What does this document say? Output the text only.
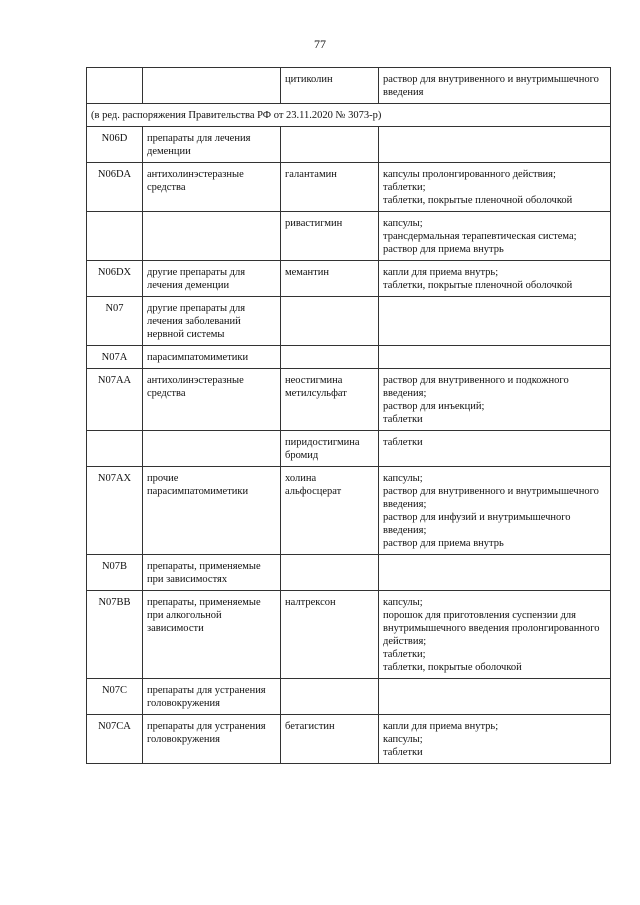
77
		цитиколин	раствор для внутривенного и внутримышечного введения

(в ред. распоряжения Правительства РФ от 23.11.2020 № 3073-р)			
N06D	препараты для лечения деменции		
N06DA	антихолинэстеразные средства	галантамин	капсулы пролонгированного действия;
таблетки;
таблетки, покрытые пленочной оболочкой

		ривастигмин	капсулы;
трансдермальная терапевтическая система;
раствор для приема внутрь

N06DX	другие препараты для лечения деменции	мемантин	капли для приема внутрь;
таблетки, покрытые пленочной оболочкой

N07	другие препараты для лечения заболеваний нервной системы		
N07A	парасимпатомиметики		
N07AA	антихолинэстеразные средства	неостигмина метилсульфат	раствор для внутривенного и подкожного введения;
раствор для инъекций;
таблетки

		пиридостигмина бромид	таблетки

N07AX	прочие парасимпатомиметики	холина альфосцерат	капсулы;
раствор для внутривенного и внутримышечного введения;
раствор для инфузий и внутримышечного введения;
раствор для приема внутрь

N07B	препараты, применяемые при зависимостях		
N07BB	препараты, применяемые при алкогольной зависимости	налтрексон	капсулы;
порошок для приготовления суспензии для внутримышечного введения пролонгированного действия;
таблетки;
таблетки, покрытые оболочкой

N07C	препараты для устранения головокружения		
N07CA	препараты для устранения головокружения	бетагистин	капли для приема внутрь;
капсулы;
таблетки
